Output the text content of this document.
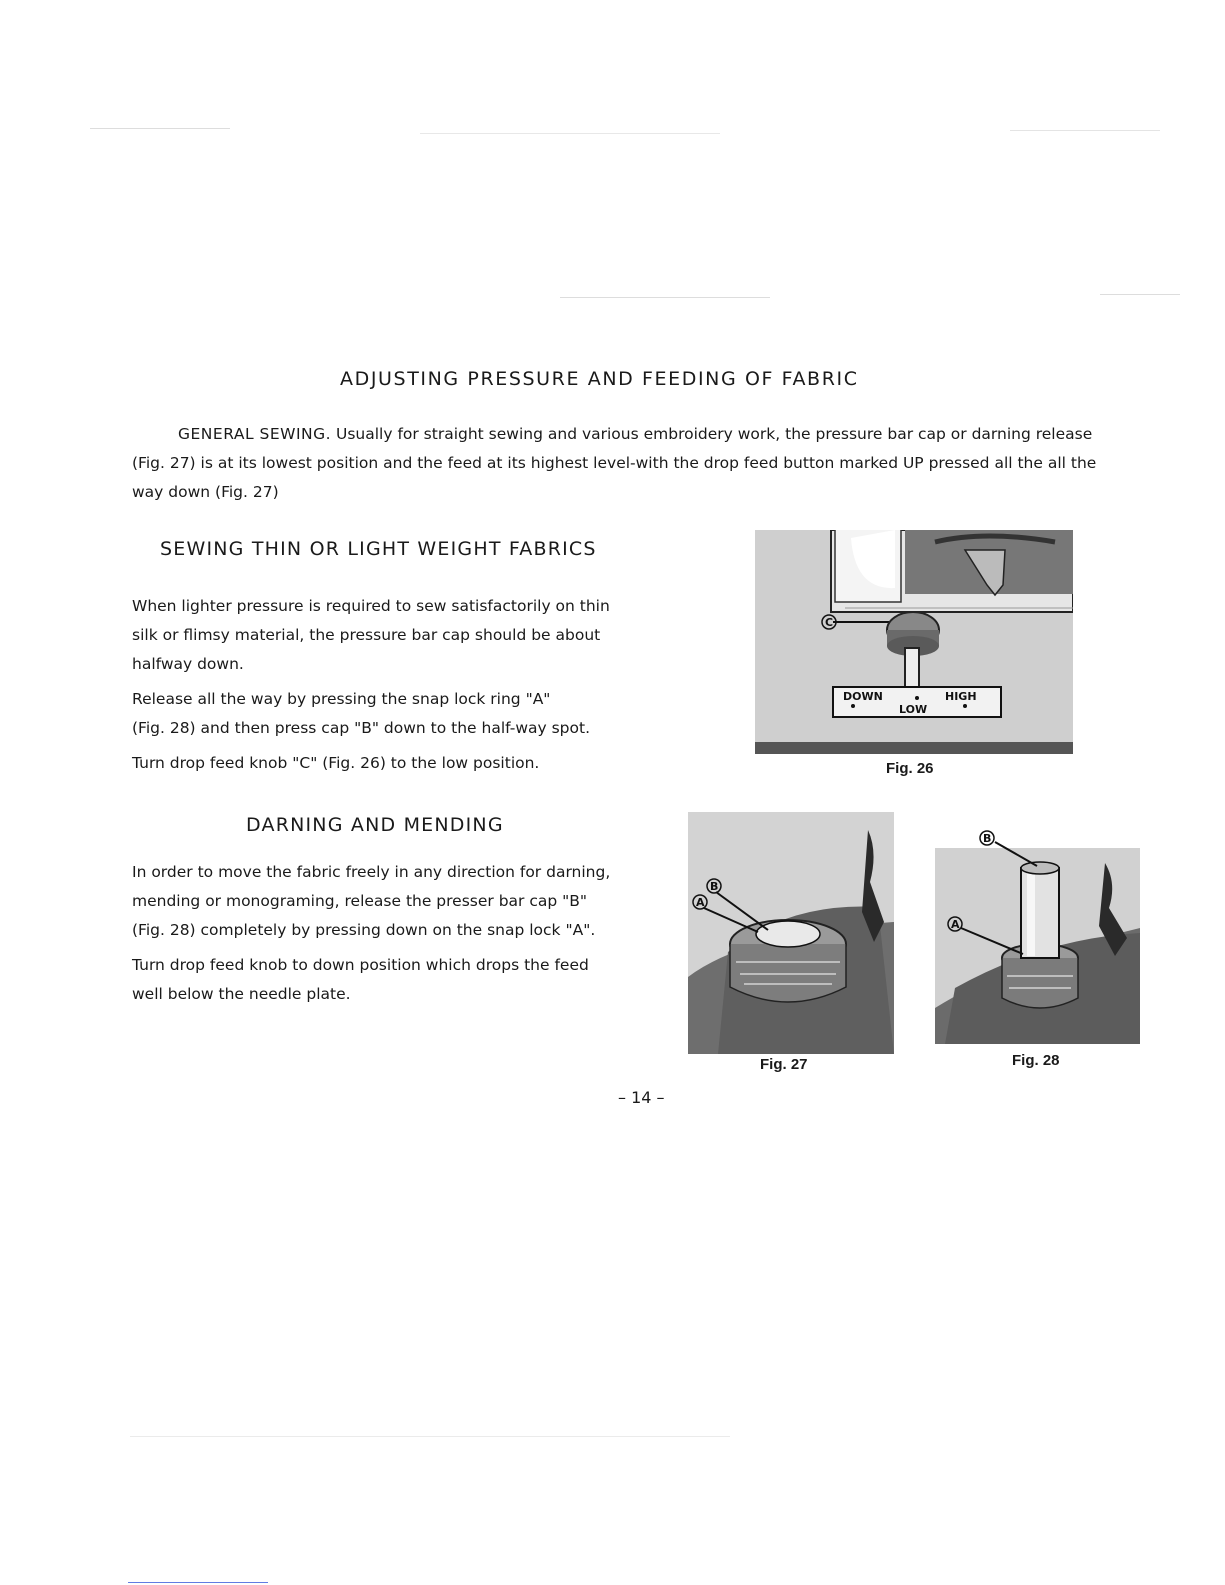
ADJUSTING PRESSURE AND FEEDING OF FABRIC
GENERAL SEWING. Usually for straight sewing and various embroidery work, the pressure bar cap or darning release
(Fig. 27) is at its lowest position and the feed at its highest level-with the drop feed button marked UP pressed all the all the
way down (Fig. 27)
SEWING THIN OR LIGHT WEIGHT FABRICS

When lighter pressure is required to sew satisfactorily on thin
silk or flimsy material, the pressure bar cap should be about
halfway down.

Release all the way by pressing the snap lock ring "A"
(Fig. 28) and then press cap "B" down to the half-way spot.

Turn drop feed knob "C" (Fig. 26) to the low position.

DARNING AND MENDING

In order to move the fabric freely in any direction for darning,
mending or monograming, release the presser bar cap "B"
(Fig. 28) completely by pressing down on the snap lock "A".

Turn drop feed knob to down position which drops the feed
well below the needle plate.

C
DOWN
LOW
HIGH
Fig. 26
A
B
Fig. 27
B
A
Fig. 28
– 14 –
